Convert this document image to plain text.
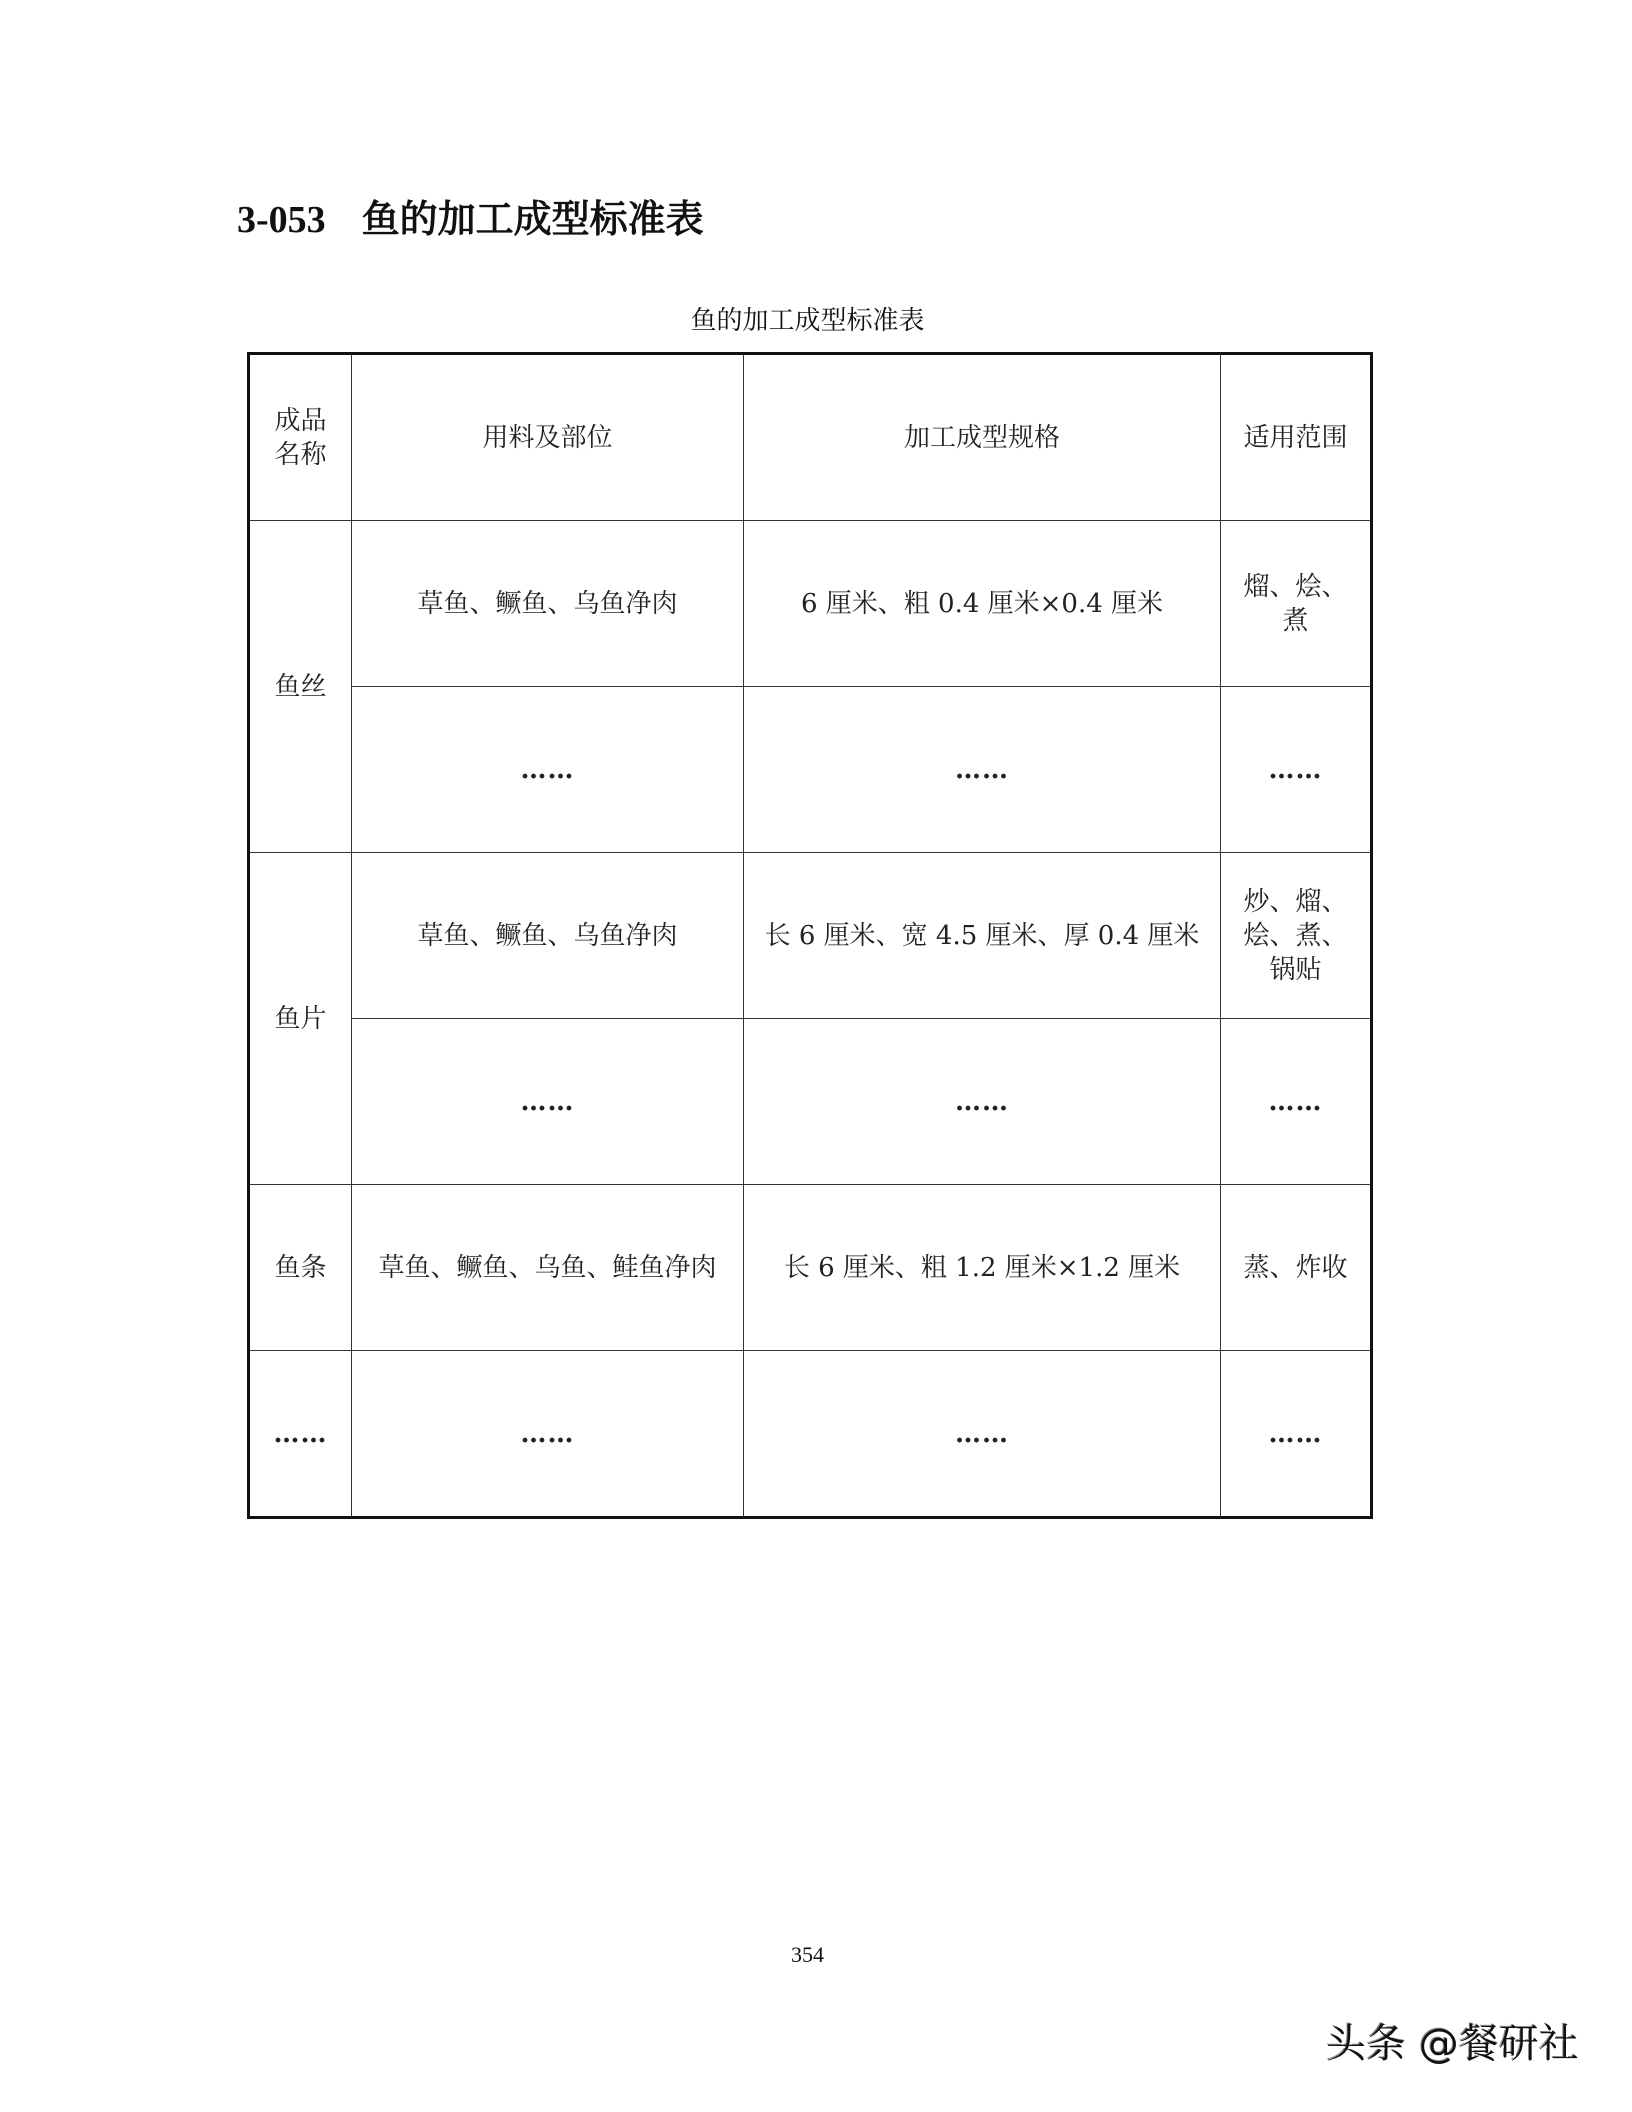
3-053 鱼的加工成型标准表
鱼的加工成型标准表
成品名称	用料及部位	加工成型规格	适用范围
鱼丝	草鱼、鳜鱼、乌鱼净肉	6 厘米、粗 0.4 厘米×0.4 厘米	熘、烩、煮
	……	……	……
鱼片	草鱼、鳜鱼、乌鱼净肉	长 6 厘米、宽 4.5 厘米、厚 0.4 厘米	炒、熘、烩、煮、锅贴
	……	……	……
鱼条	草鱼、鳜鱼、乌鱼、鲑鱼净肉	长 6 厘米、粗 1.2 厘米×1.2 厘米	蒸、炸收
……	……	……	……
354
头条 @餐研社
